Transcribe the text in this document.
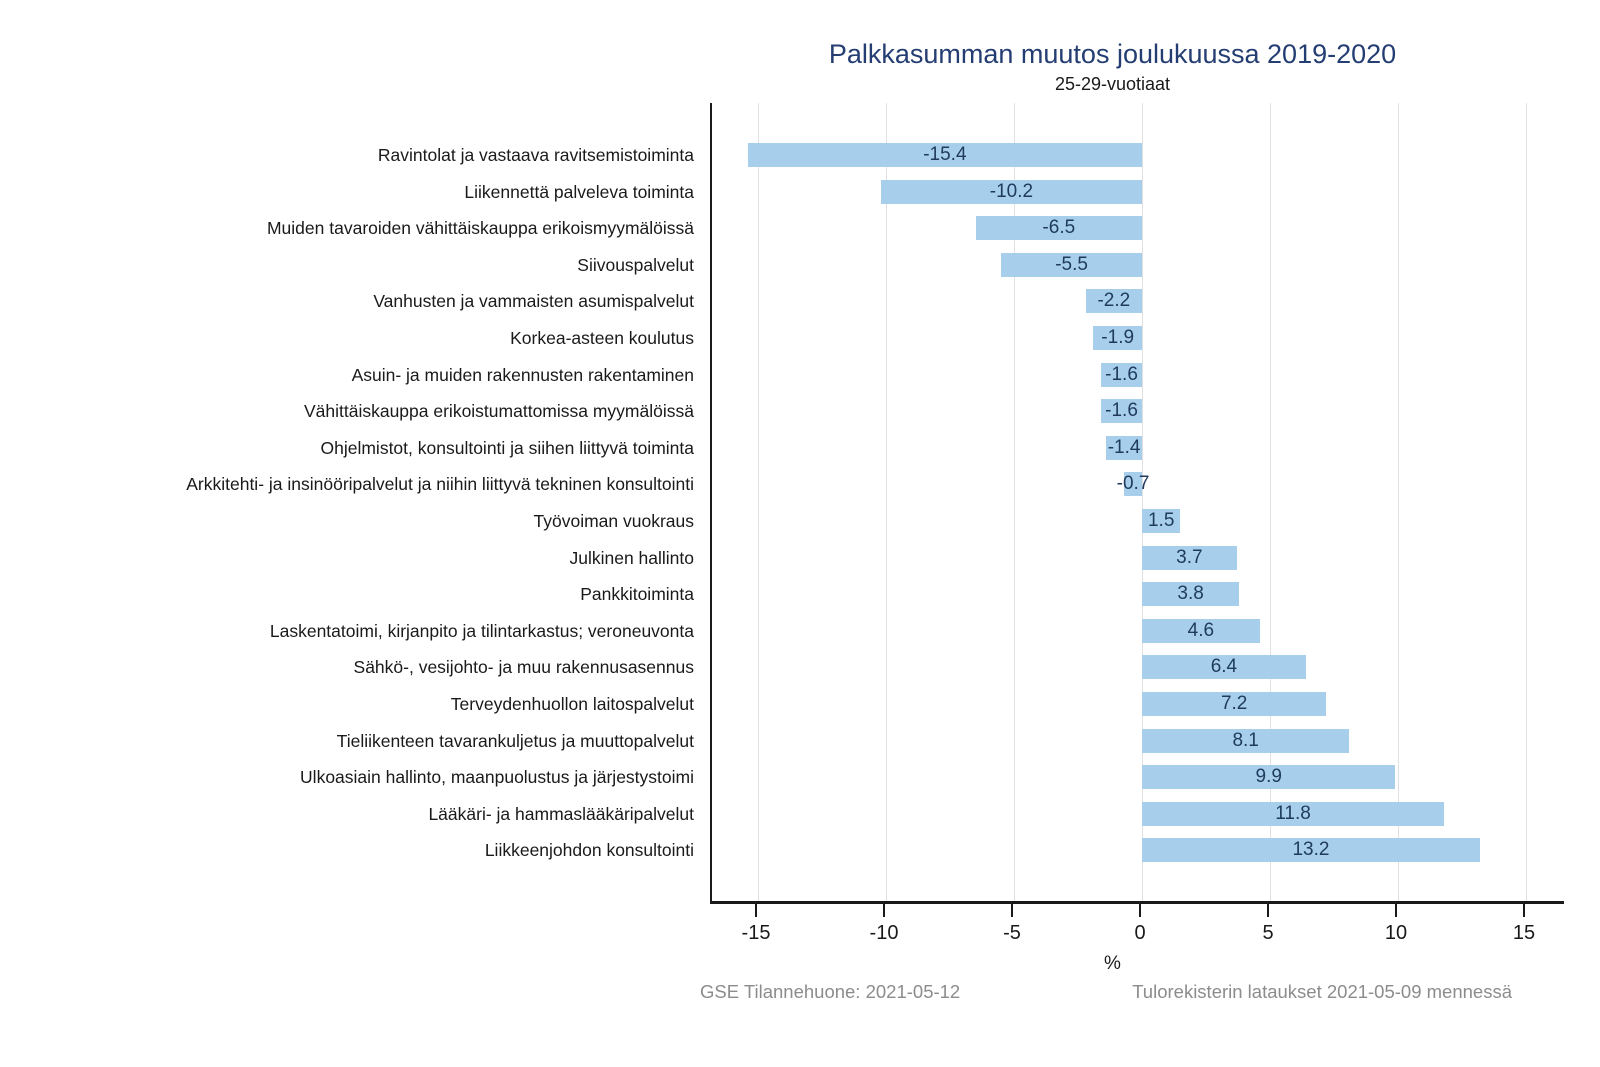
Palkkasumman muutos joulukuussa 2019-2020
25-29-vuotiaat
-15.4
-10.2
-6.5
-5.5
-2.2
-1.9
-1.6
-1.6
-1.4
-0.7
1.5
3.7
3.8
4.6
6.4
7.2
8.1
9.9
11.8
13.2
Ravintolat ja vastaava ravitsemistoiminta
Liikennettä palveleva toiminta
Muiden tavaroiden vähittäiskauppa erikoismyymälöissä
Siivouspalvelut
Vanhusten ja vammaisten asumispalvelut
Korkea-asteen koulutus
Asuin- ja muiden rakennusten rakentaminen
Vähittäiskauppa erikoistumattomissa myymälöissä
Ohjelmistot, konsultointi ja siihen liittyvä toiminta
Arkkitehti- ja insinööripalvelut ja niihin liittyvä tekninen konsultointi
Työvoiman vuokraus
Julkinen hallinto
Pankkitoiminta
Laskentatoimi, kirjanpito ja tilintarkastus; veroneuvonta
Sähkö-, vesijohto- ja muu rakennusasennus
Terveydenhuollon laitospalvelut
Tieliikenteen tavarankuljetus ja muuttopalvelut
Ulkoasiain hallinto, maanpuolustus ja järjestystoimi
Lääkäri- ja hammaslääkäripalvelut
Liikkeenjohdon konsultointi
-15	-10	-5	0	5	10	15
%
GSE Tilannehuone: 2021-05-12	Tulorekisterin lataukset 2021-05-09 mennessä
